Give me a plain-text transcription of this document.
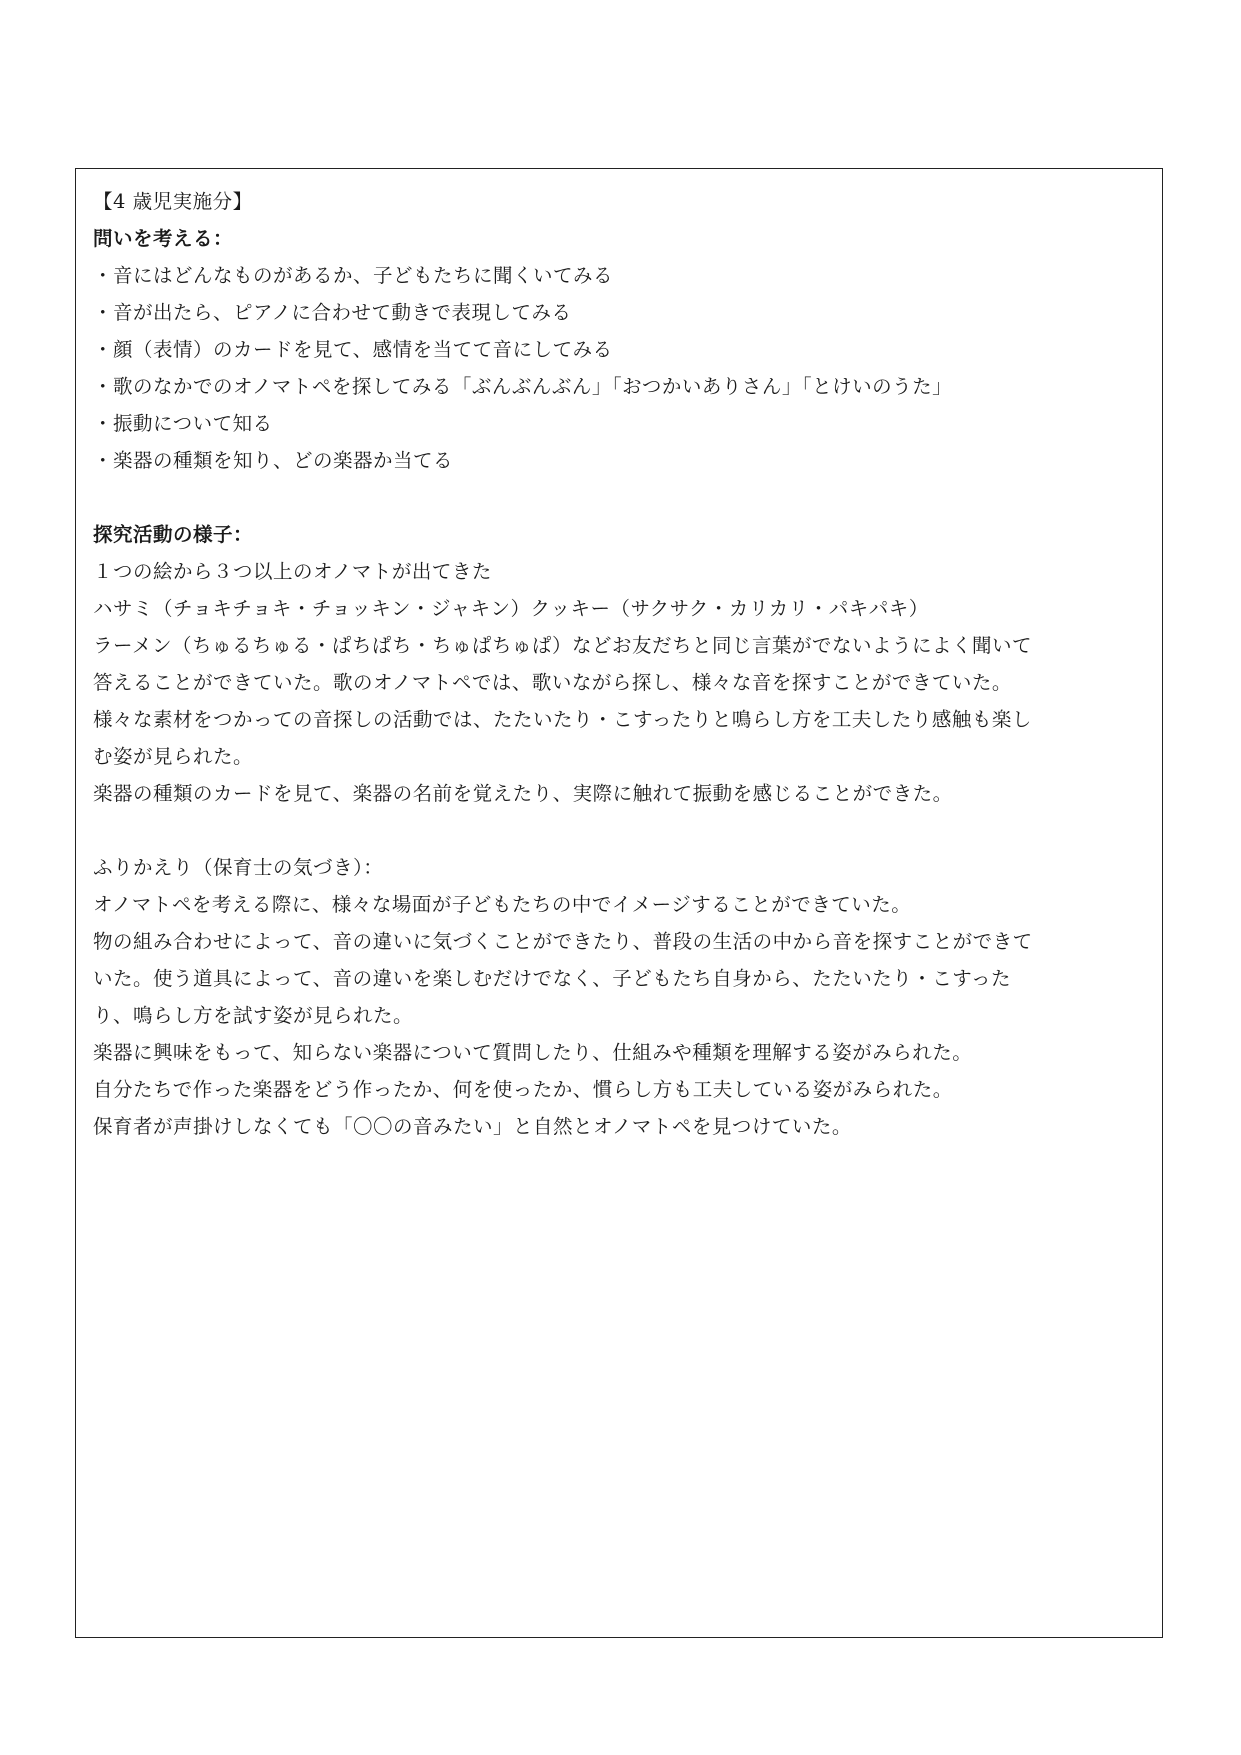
【4 歳児実施分】
問いを考える：
・音にはどんなものがあるか、子どもたちに聞くいてみる
・音が出たら、ピアノに合わせて動きで表現してみる
・顔（表情）のカードを見て、感情を当てて音にしてみる
・歌のなかでのオノマトペを探してみる「ぶんぶんぶん」「おつかいありさん」「とけいのうた」
・振動について知る
・楽器の種類を知り、どの楽器か当てる
探究活動の様子：
１つの絵から３つ以上のオノマトが出てきた
ハサミ（チョキチョキ・チョッキン・ジャキン）クッキー（サクサク・カリカリ・パキパキ）
ラーメン（ちゅるちゅる・ぱちぱち・ちゅぱちゅぱ）などお友だちと同じ言葉がでないようによく聞いて
答えることができていた。歌のオノマトペでは、歌いながら探し、様々な音を探すことができていた。
様々な素材をつかっての音探しの活動では、たたいたり・こすったりと鳴らし方を工夫したり感触も楽し
む姿が見られた。
楽器の種類のカードを見て、楽器の名前を覚えたり、実際に触れて振動を感じることができた。
ふりかえり（保育士の気づき）：
オノマトペを考える際に、様々な場面が子どもたちの中でイメージすることができていた。
物の組み合わせによって、音の違いに気づくことができたり、普段の生活の中から音を探すことができて
いた。使う道具によって、音の違いを楽しむだけでなく、子どもたち自身から、たたいたり・こすった
り、鳴らし方を試す姿が見られた。
楽器に興味をもって、知らない楽器について質問したり、仕組みや種類を理解する姿がみられた。
自分たちで作った楽器をどう作ったか、何を使ったか、慣らし方も工夫している姿がみられた。
保育者が声掛けしなくても「〇〇の音みたい」と自然とオノマトペを見つけていた。
